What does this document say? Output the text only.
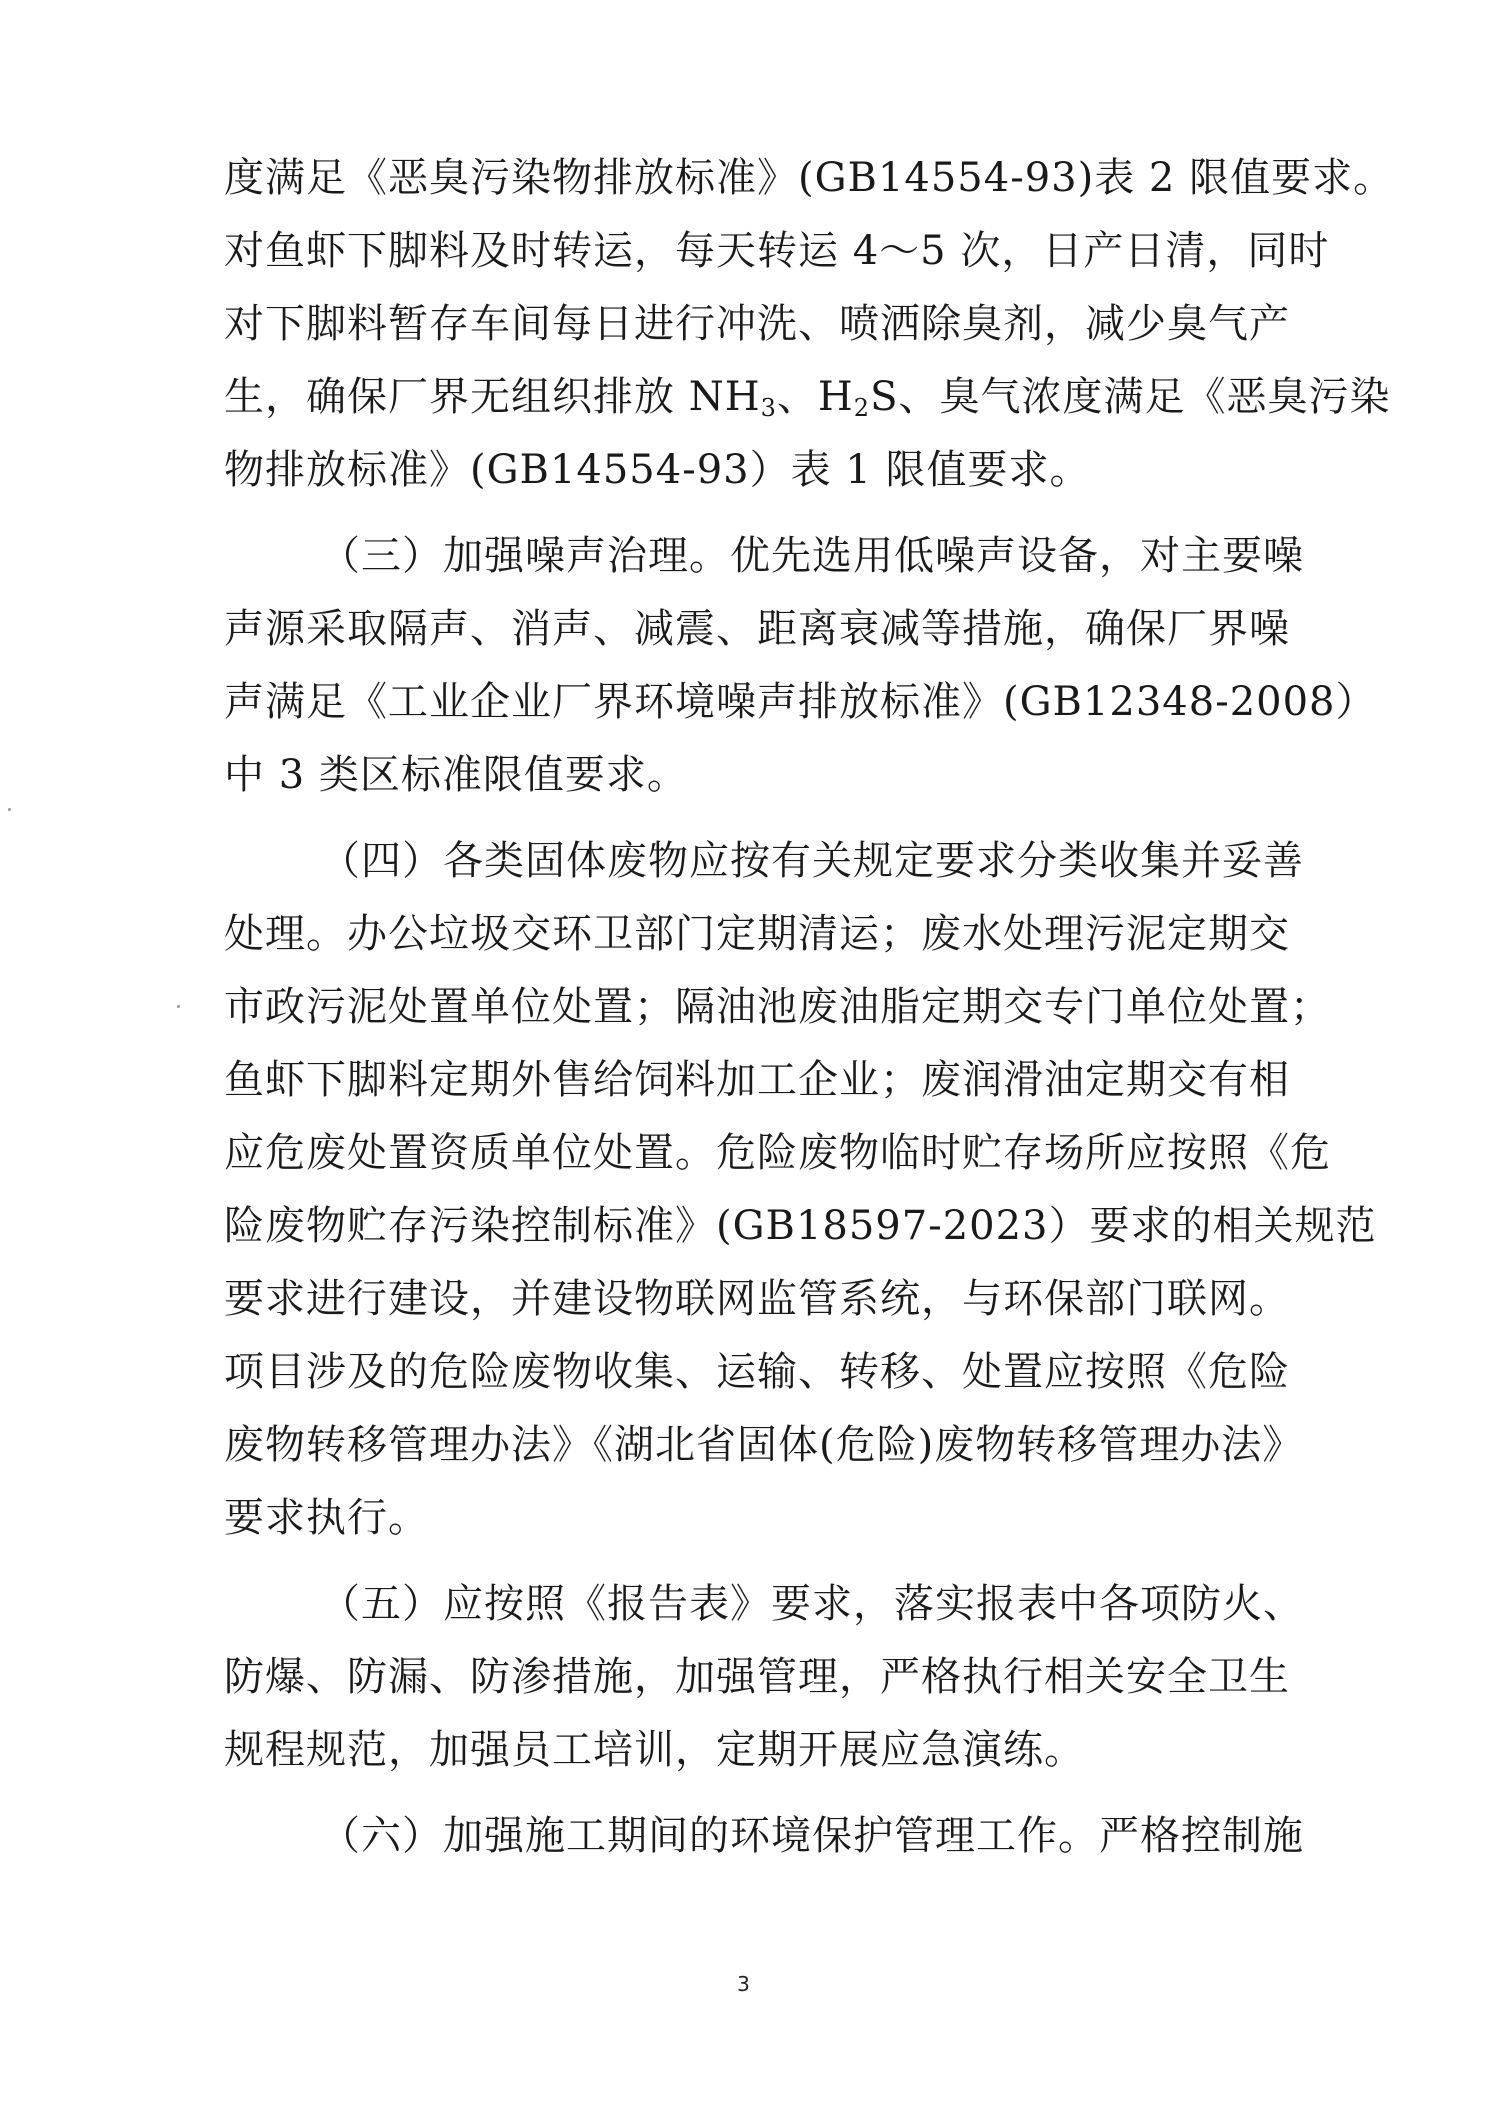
度满足《恶臭污染物排放标准》(GB14554-93)表 2 限值要求。
对鱼虾下脚料及时转运，每天转运 4～5 次，日产日清，同时
对下脚料暂存车间每日进行冲洗、喷洒除臭剂，减少臭气产
生，确保厂界无组织排放 $NH_3$、$H_2S$、臭气浓度满足《恶臭污染
物排放标准》(GB14554-93）表 1 限值要求。
（三）加强噪声治理。优先选用低噪声设备，对主要噪
声源采取隔声、消声、减震、距离衰减等措施，确保厂界噪
声满足《工业企业厂界环境噪声排放标准》(GB12348-2008）
中 3 类区标准限值要求。
（四）各类固体废物应按有关规定要求分类收集并妥善
处理。办公垃圾交环卫部门定期清运；废水处理污泥定期交
市政污泥处置单位处置；隔油池废油脂定期交专门单位处置；
鱼虾下脚料定期外售给饲料加工企业；废润滑油定期交有相
应危废处置资质单位处置。危险废物临时贮存场所应按照《危
险废物贮存污染控制标准》(GB18597-2023）要求的相关规范
要求进行建设，并建设物联网监管系统，与环保部门联网。
项目涉及的危险废物收集、运输、转移、处置应按照《危险
废物转移管理办法》《湖北省固体(危险)废物转移管理办法》
要求执行。
（五）应按照《报告表》要求，落实报表中各项防火、
防爆、防漏、防渗措施，加强管理，严格执行相关安全卫生
规程规范，加强员工培训，定期开展应急演练。
（六）加强施工期间的环境保护管理工作。严格控制施
3
